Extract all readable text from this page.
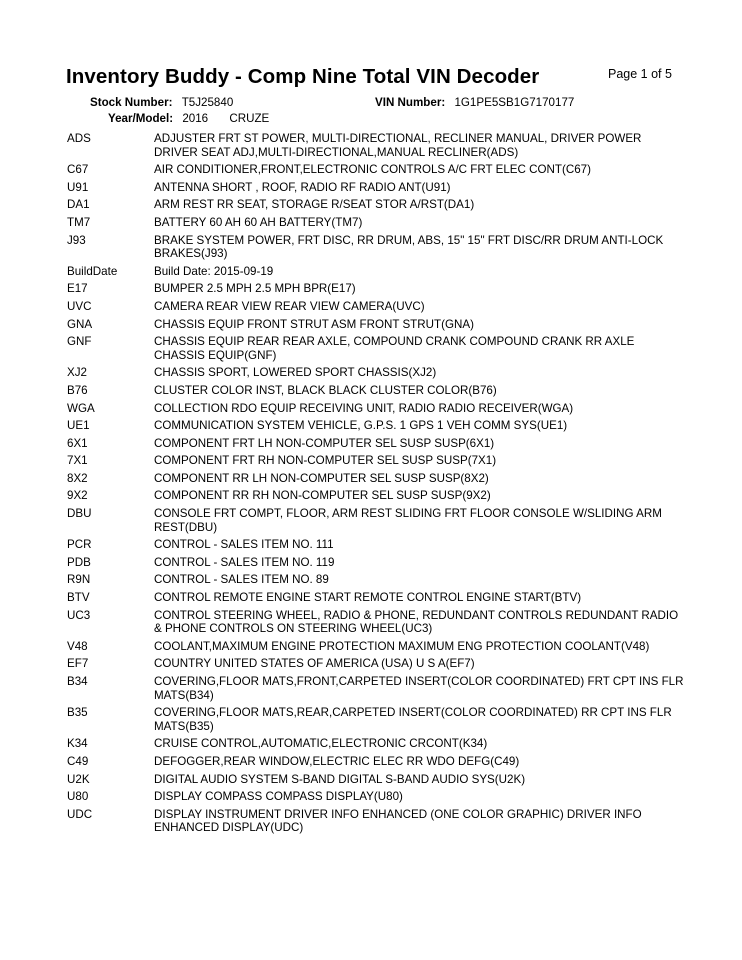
Inventory Buddy - Comp Nine Total VIN Decoder	Page 1 of 5
Stock Number: T5J25840	VIN Number: 1G1PE5SB1G7170177
Year/Model: 2016 CRUZE
ADS	ADJUSTER FRT ST POWER, MULTI-DIRECTIONAL, RECLINER MANUAL, DRIVER POWER DRIVER SEAT ADJ,MULTI-DIRECTIONAL,MANUAL RECLINER(ADS)
C67	AIR CONDITIONER,FRONT,ELECTRONIC CONTROLS A/C FRT ELEC CONT(C67)
U91	ANTENNA SHORT , ROOF, RADIO RF RADIO ANT(U91)
DA1	ARM REST RR SEAT, STORAGE R/SEAT STOR A/RST(DA1)
TM7	BATTERY 60 AH 60 AH BATTERY(TM7)
J93	BRAKE SYSTEM POWER, FRT DISC, RR DRUM, ABS, 15" 15" FRT DISC/RR DRUM ANTI-LOCK BRAKES(J93)
BuildDate	Build Date: 2015-09-19
E17	BUMPER 2.5 MPH 2.5 MPH BPR(E17)
UVC	CAMERA REAR VIEW REAR VIEW CAMERA(UVC)
GNA	CHASSIS EQUIP FRONT STRUT ASM FRONT STRUT(GNA)
GNF	CHASSIS EQUIP REAR REAR AXLE, COMPOUND CRANK COMPOUND CRANK RR AXLE CHASSIS EQUIP(GNF)
XJ2	CHASSIS SPORT, LOWERED SPORT CHASSIS(XJ2)
B76	CLUSTER COLOR INST, BLACK BLACK CLUSTER COLOR(B76)
WGA	COLLECTION RDO EQUIP RECEIVING UNIT, RADIO RADIO RECEIVER(WGA)
UE1	COMMUNICATION SYSTEM VEHICLE, G.P.S. 1 GPS 1 VEH COMM SYS(UE1)
6X1	COMPONENT FRT LH NON-COMPUTER SEL SUSP SUSP(6X1)
7X1	COMPONENT FRT RH NON-COMPUTER SEL SUSP SUSP(7X1)
8X2	COMPONENT RR LH NON-COMPUTER SEL SUSP SUSP(8X2)
9X2	COMPONENT RR RH NON-COMPUTER SEL SUSP SUSP(9X2)
DBU	CONSOLE FRT COMPT, FLOOR, ARM REST SLIDING FRT FLOOR CONSOLE W/SLIDING ARM REST(DBU)
PCR	CONTROL - SALES ITEM NO. 111
PDB	CONTROL - SALES ITEM NO. 119
R9N	CONTROL - SALES ITEM NO. 89
BTV	CONTROL REMOTE ENGINE START REMOTE CONTROL ENGINE START(BTV)
UC3	CONTROL STEERING WHEEL, RADIO & PHONE, REDUNDANT CONTROLS REDUNDANT RADIO & PHONE CONTROLS ON STEERING WHEEL(UC3)
V48	COOLANT,MAXIMUM ENGINE PROTECTION MAXIMUM ENG PROTECTION COOLANT(V48)
EF7	COUNTRY UNITED STATES OF AMERICA (USA) U S A(EF7)
B34	COVERING,FLOOR MATS,FRONT,CARPETED INSERT(COLOR COORDINATED) FRT CPT INS FLR MATS(B34)
B35	COVERING,FLOOR MATS,REAR,CARPETED INSERT(COLOR COORDINATED) RR CPT INS FLR MATS(B35)
K34	CRUISE CONTROL,AUTOMATIC,ELECTRONIC CRCONT(K34)
C49	DEFOGGER,REAR WINDOW,ELECTRIC ELEC RR WDO DEFG(C49)
U2K	DIGITAL AUDIO SYSTEM S-BAND DIGITAL S-BAND AUDIO SYS(U2K)
U80	DISPLAY COMPASS COMPASS DISPLAY(U80)
UDC	DISPLAY INSTRUMENT DRIVER INFO ENHANCED (ONE COLOR GRAPHIC) DRIVER INFO ENHANCED DISPLAY(UDC)
